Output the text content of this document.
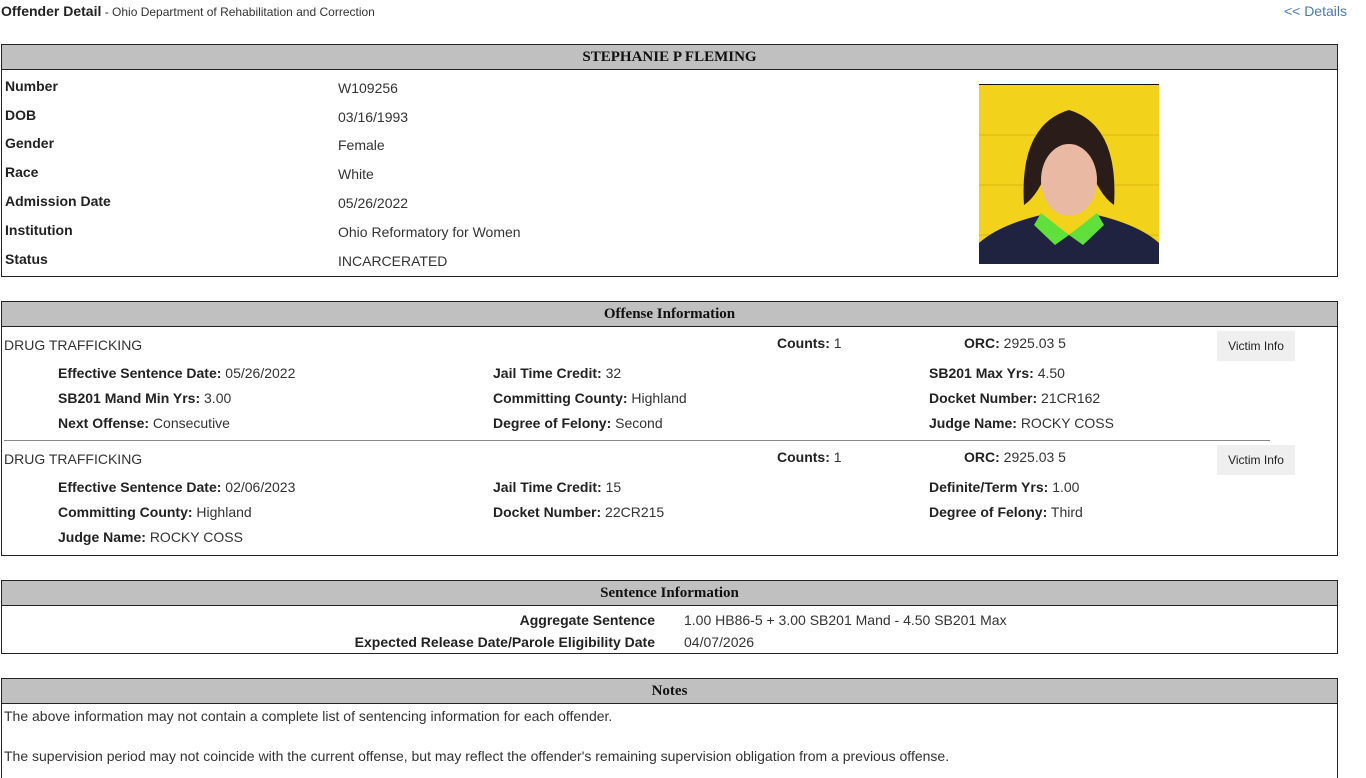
Offender Detail - Ohio Department of Rehabilitation and Correction	<< Details
STEPHANIE P FLEMING
Number	W109256
DOB	03/16/1993
Gender	Female
Race	White
Admission Date	05/26/2022
Institution	Ohio Reformatory for Women
Status	INCARCERATED
Offense Information
DRUG TRAFFICKING	Counts: 1	ORC: 2925.03 5	Victim Info
Effective Sentence Date: 05/26/2022	Jail Time Credit: 32	SB201 Max Yrs: 4.50
SB201 Mand Min Yrs: 3.00	Committing County: Highland	Docket Number: 21CR162
Next Offense: Consecutive	Degree of Felony: Second	Judge Name: ROCKY COSS
DRUG TRAFFICKING	Counts: 1	ORC: 2925.03 5	Victim Info
Effective Sentence Date: 02/06/2023	Jail Time Credit: 15	Definite/Term Yrs: 1.00
Committing County: Highland	Docket Number: 22CR215	Degree of Felony: Third
Judge Name: ROCKY COSS
Sentence Information
Aggregate Sentence 1.00 HB86-5 + 3.00 SB201 Mand - 4.50 SB201 Max
Expected Release Date/Parole Eligibility Date 04/07/2026
Notes
The above information may not contain a complete list of sentencing information for each offender.
The supervision period may not coincide with the current offense, but may reflect the offender's remaining supervision obligation from a previous offense.
